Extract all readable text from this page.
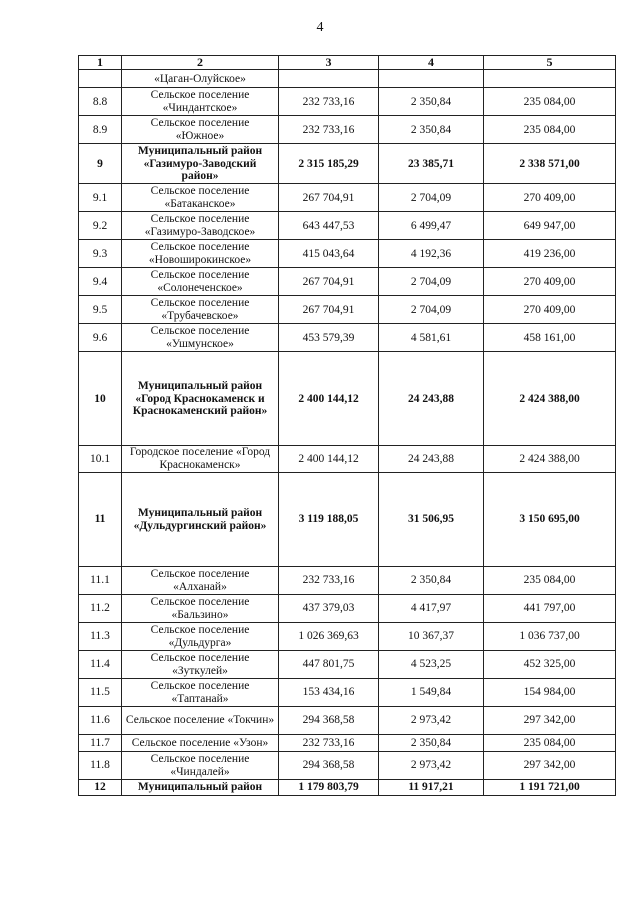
4
1	2	3	4	5
	«Цаган-Олуйское»			
8.8	Сельское поселение «Чиндантское»	232 733,16	2 350,84	235 084,00
8.9	Сельское поселение «Южное»	232 733,16	2 350,84	235 084,00
9	Муниципальный район «Газимуро-Заводский район»	2 315 185,29	23 385,71	2 338 571,00
9.1	Сельское поселение «Батаканское»	267 704,91	2 704,09	270 409,00
9.2	Сельское поселение «Газимуро-Заводское»	643 447,53	6 499,47	649 947,00
9.3	Сельское поселение «Новоширокинское»	415 043,64	4 192,36	419 236,00
9.4	Сельское поселение «Солонеченское»	267 704,91	2 704,09	270 409,00
9.5	Сельское поселение «Трубачевское»	267 704,91	2 704,09	270 409,00
9.6	Сельское поселение «Ушмунское»	453 579,39	4 581,61	458 161,00
10	Муниципальный район «Город Краснокаменск и Краснокаменский район»	2 400 144,12	24 243,88	2 424 388,00
10.1	Городское поселение «Город Краснокаменск»	2 400 144,12	24 243,88	2 424 388,00
11	Муниципальный район «Дульдургинский район»	3 119 188,05	31 506,95	3 150 695,00
11.1	Сельское поселение «Алханай»	232 733,16	2 350,84	235 084,00
11.2	Сельское поселение «Бальзино»	437 379,03	4 417,97	441 797,00
11.3	Сельское поселение «Дульдурга»	1 026 369,63	10 367,37	1 036 737,00
11.4	Сельское поселение «Зуткулей»	447 801,75	4 523,25	452 325,00
11.5	Сельское поселение «Таптанай»	153 434,16	1 549,84	154 984,00
11.6	Сельское поселение «Токчин»	294 368,58	2 973,42	297 342,00
11.7	Сельское поселение «Узон»	232 733,16	2 350,84	235 084,00
11.8	Сельское поселение «Чиндалей»	294 368,58	2 973,42	297 342,00
12	Муниципальный район	1 179 803,79	11 917,21	1 191 721,00
